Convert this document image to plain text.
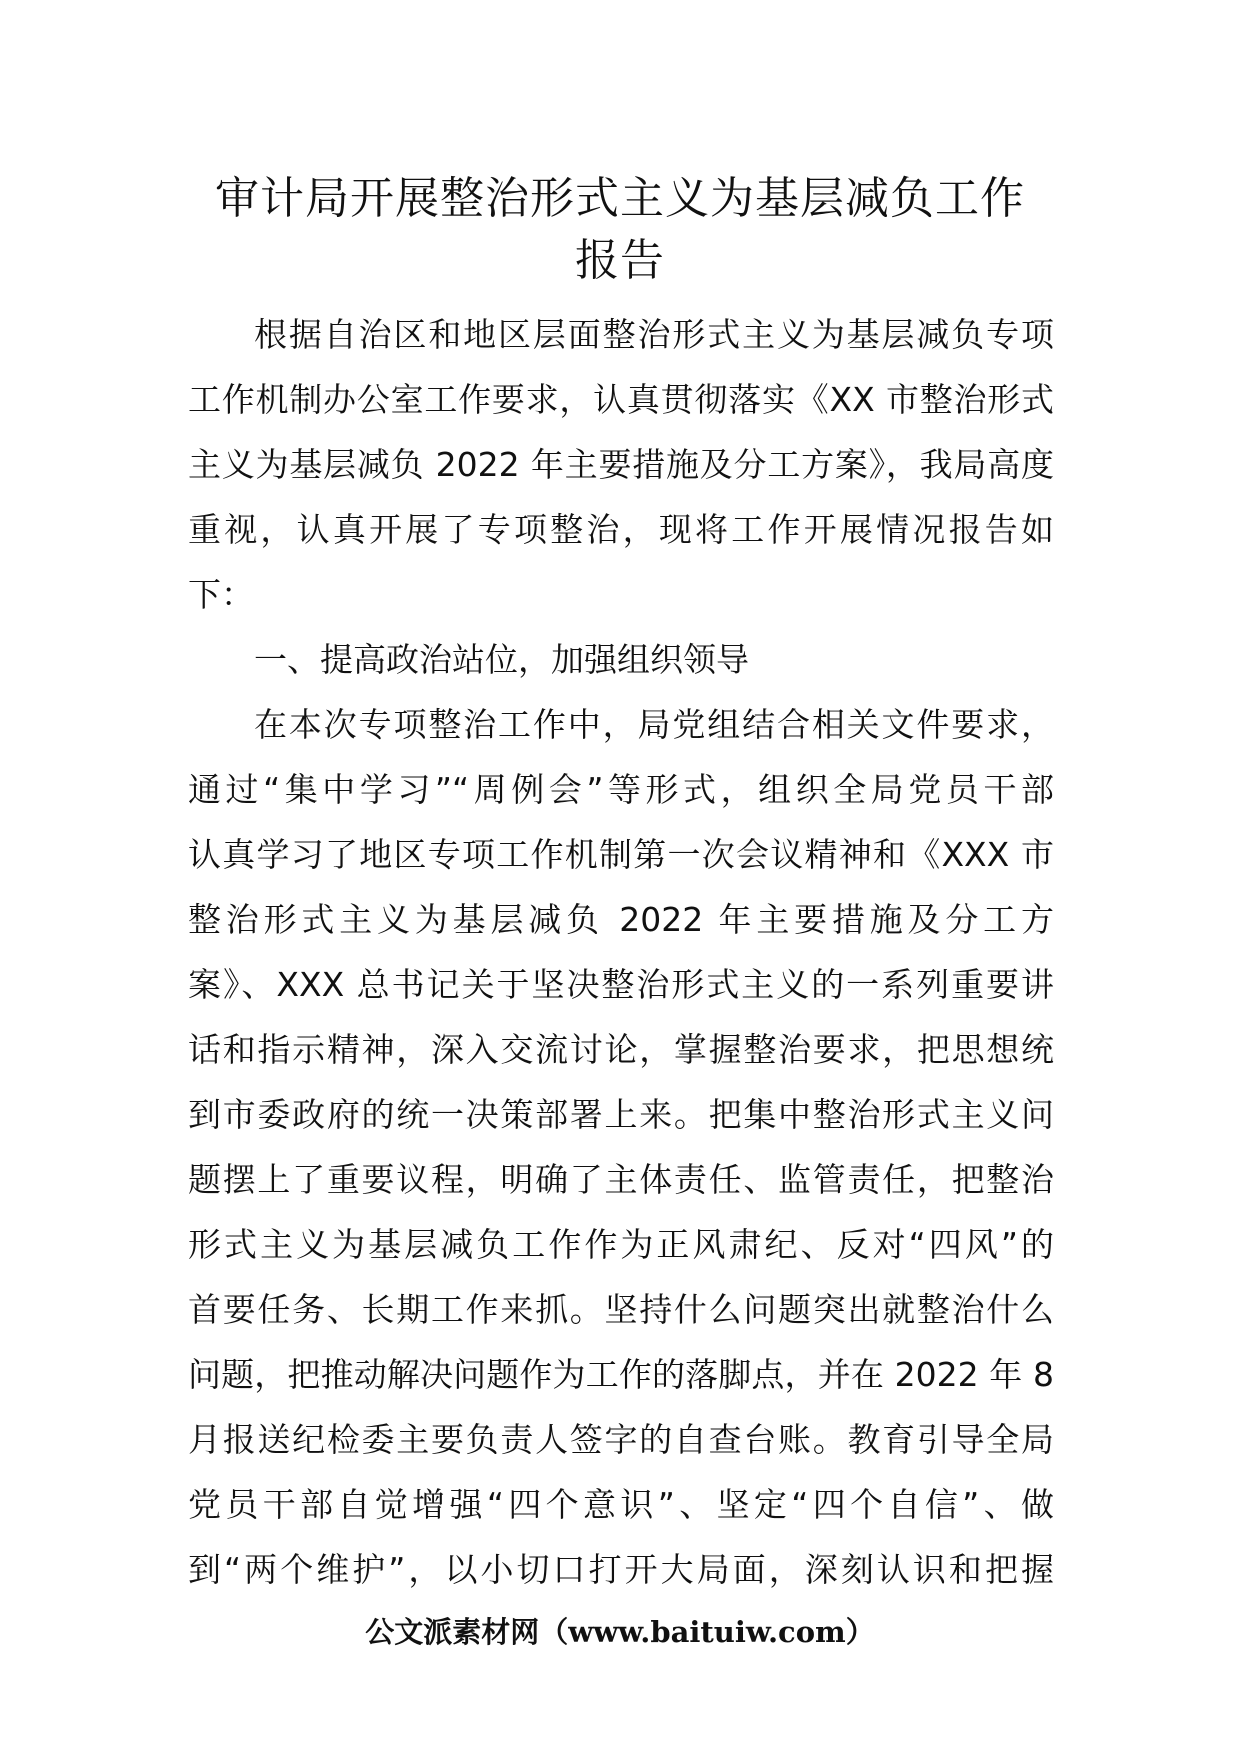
审计局开展整治形式主义为基层减负工作
报告
根据自治区和地区层面整治形式主义为基层减负专项
工作机制办公室工作要求，认真贯彻落实《XX 市整治形式
主义为基层减负 2022 年主要措施及分工方案》，我局高度
重视，认真开展了专项整治，现将工作开展情况报告如
下：
一、提高政治站位，加强组织领导
在本次专项整治工作中，局党组结合相关文件要求，
通过“集中学习”“周例会”等形式，组织全局党员干部
认真学习了地区专项工作机制第一次会议精神和《XXX 市
整治形式主义为基层减负 2022 年主要措施及分工方
案》、XXX 总书记关于坚决整治形式主义的一系列重要讲
话和指示精神，深入交流讨论，掌握整治要求，把思想统
到市委政府的统一决策部署上来。把集中整治形式主义问
题摆上了重要议程，明确了主体责任、监管责任，把整治
形式主义为基层减负工作作为正风肃纪、反对“四风”的
首要任务、长期工作来抓。坚持什么问题突出就整治什么
问题，把推动解决问题作为工作的落脚点，并在 2022 年 8
月报送纪检委主要负责人签字的自查台账。教育引导全局
党员干部自觉增强“四个意识”、坚定“四个自信”、做
到“两个维护”，以小切口打开大局面，深刻认识和把握
公文派素材网（www.baituiw.com）
